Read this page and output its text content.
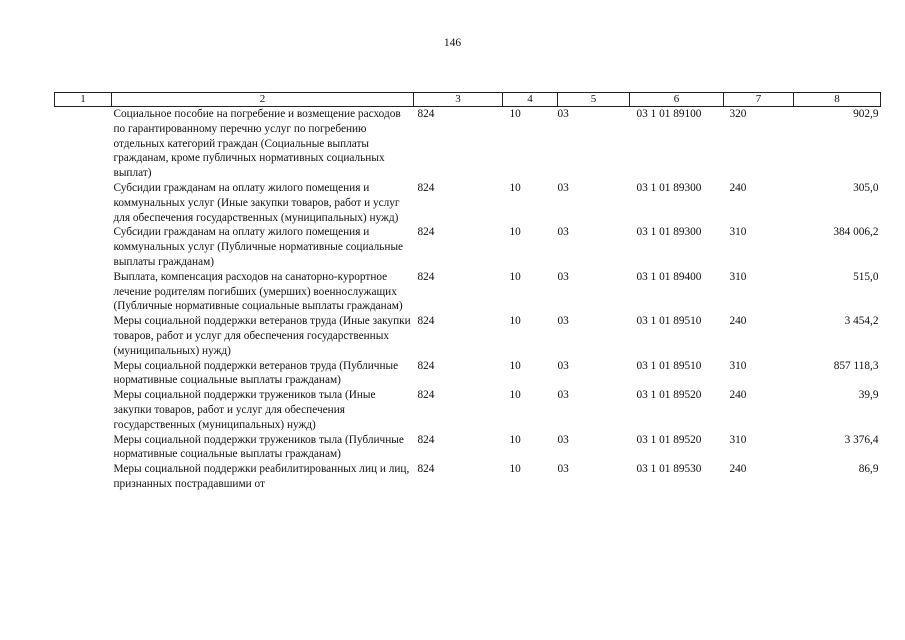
146
1	2	3	4	5	6	7	8
	Социальное пособие на погребение и возмещение расходов по гарантированному перечню услуг по погребению отдельных категорий граждан (Социальные выплаты гражданам, кроме публичных нормативных социальных выплат)	824	10	03	03 1 01 89100	320	902,9
	Субсидии гражданам на оплату жилого помещения и коммунальных услуг (Иные закупки товаров, работ и услуг для обеспечения государственных (муниципальных) нужд)	824	10	03	03 1 01 89300	240	305,0
	Субсидии гражданам на оплату жилого помещения и коммунальных услуг (Публичные нормативные социальные выплаты гражданам)	824	10	03	03 1 01 89300	310	384 006,2
	Выплата, компенсация расходов на санаторно-курортное лечение родителям погибших (умерших) военнослужащих (Публичные нормативные социальные выплаты гражданам)	824	10	03	03 1 01 89400	310	515,0
	Меры социальной поддержки ветеранов труда (Иные закупки товаров, работ и услуг для обеспечения государственных (муниципальных) нужд)	824	10	03	03 1 01 89510	240	3 454,2
	Меры социальной поддержки ветеранов труда (Публичные нормативные социальные выплаты гражданам)	824	10	03	03 1 01 89510	310	857 118,3
	Меры социальной поддержки тружеников тыла (Иные закупки товаров, работ и услуг для обеспечения государственных (муниципальных) нужд)	824	10	03	03 1 01 89520	240	39,9
	Меры социальной поддержки тружеников тыла (Публичные нормативные социальные выплаты гражданам)	824	10	03	03 1 01 89520	310	3 376,4
	Меры социальной поддержки реабилитированных лиц и лиц, признанных пострадавшими от	824	10	03	03 1 01 89530	240	86,9
